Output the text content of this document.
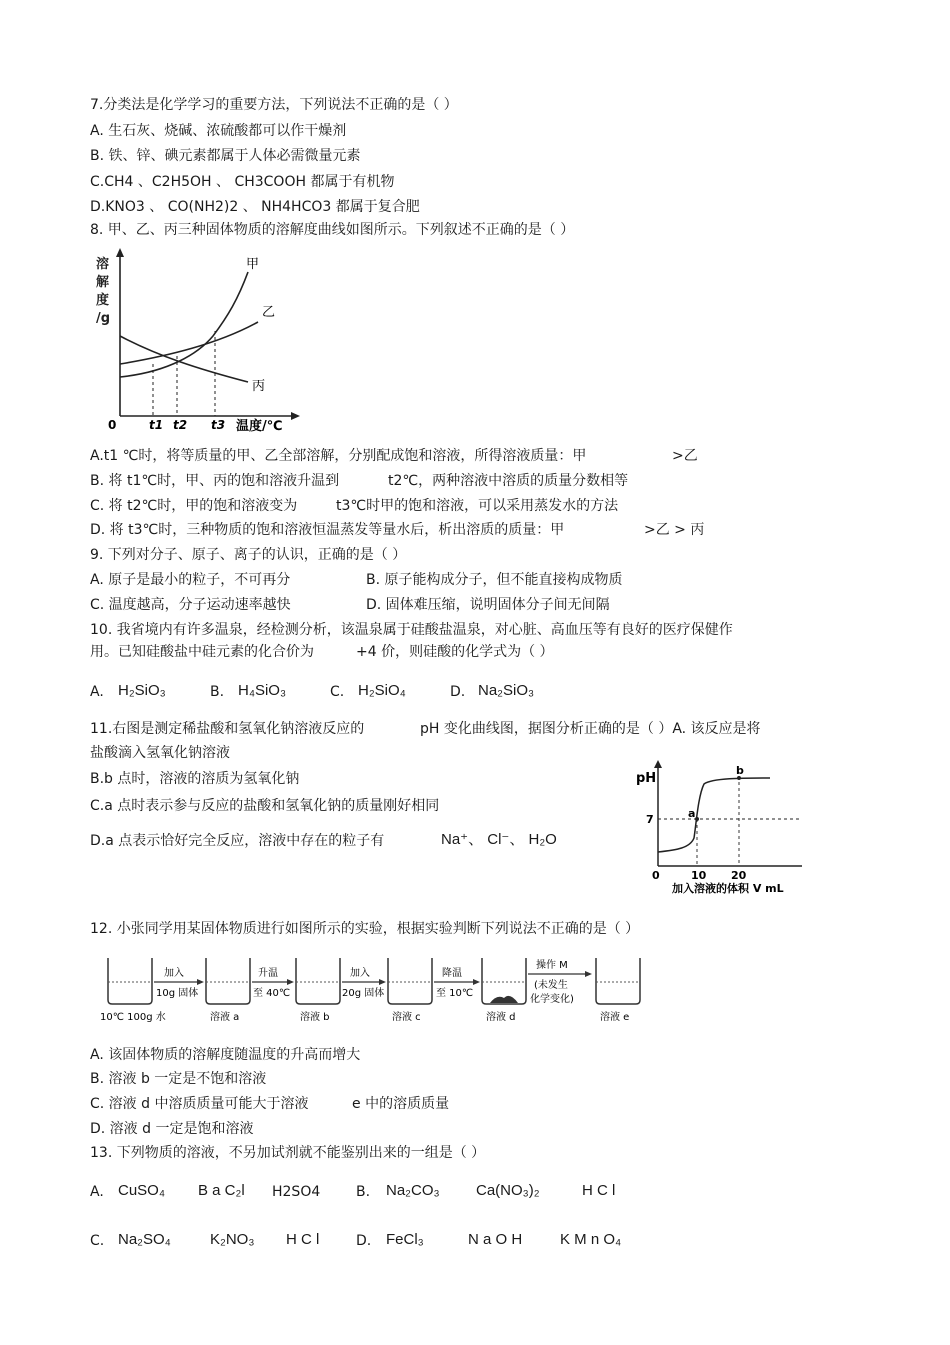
7.分类法是化学学习的重要方法，下列说法不正确的是（ ）
A. 生石灰、烧碱、浓硫酸都可以作干燥剂
B. 铁、锌、碘元素都属于人体必需微量元素
C.CH4 、C2H5OH 、 CH3COOH 都属于有机物
D.KNO3 、 CO(NH2)2 、 NH4HCO3 都属于复合肥
8. 甲、乙、丙三种固体物质的溶解度曲线如图所示。下列叙述不正确的是（ ）
溶
解
度
/g
0	t1 t2 t3 温度/℃
甲
乙
丙
A.t1 ℃时，将等质量的甲、乙全部溶解，分别配成饱和溶液，所得溶液质量：甲	>乙
B. 将 t1℃时，甲、丙的饱和溶液升温到	t2℃，两种溶液中溶质的质量分数相等
C. 将 t2℃时，甲的饱和溶液变为	t3℃时甲的饱和溶液，可以采用蒸发水的方法
D. 将 t3℃时，三种物质的饱和溶液恒温蒸发等量水后，析出溶质的质量：甲	>乙 > 丙
9. 下列对分子、原子、离子的认识，正确的是（ ）
A. 原子是最小的粒子，不可再分	B. 原子能构成分子，但不能直接构成物质
C. 温度越高，分子运动速率越快	D. 固体难压缩，说明固体分子间无间隔
10. 我省境内有许多温泉，经检测分析，该温泉属于硅酸盐温泉，对心脏、高血压等有良好的医疗保健作
用。已知硅酸盐中硅元素的化合价为	+4 价，则硅酸的化学式为（ ）
A. H₂SiO₃	B. H₄SiO₃	C. H₂SiO₄	D. Na₂SiO₃
11.右图是测定稀盐酸和氢氧化钠溶液反应的	pH 变化曲线图，据图分析正确的是（ ）A. 该反应是将
盐酸滴入氢氧化钠溶液
B.b 点时，溶液的溶质为氢氧化钠
C.a 点时表示参与反应的盐酸和氢氧化钠的质量刚好相同
D.a 点表示恰好完全反应，溶液中存在的粒子有	Na⁺、 Cl⁻、 H₂O
pH
7
0	10 20
加入溶液的体积 V mL
a
b
12. 小张同学用某固体物质进行如图所示的实验，根据实验判断下列说法不正确的是（ ）
10℃ 100g 水
加入
10g 固体
溶液 a
升温
至 40℃
溶液 b
加入
20g 固体
溶液 c
降温
至 10℃
溶液 d
操作 M
(未发生
化学变化)
溶液 e
A. 该固体物质的溶解度随温度的升高而增大
B. 溶液 b 一定是不饱和溶液
C. 溶液 d 中溶质质量可能大于溶液	e 中的溶质质量
D. 溶液 d 一定是饱和溶液
13. 下列物质的溶液，不另加试剂就不能鉴别出来的一组是（ ）
A. CuSO₄ B a C₂l H2SO4	B. Na₂CO₃ Ca(NO₃)₂	H C l
C. Na₂SO₄	K₂NO₃ H C l	D. FeCl₃	N a O H	K M n O₄
